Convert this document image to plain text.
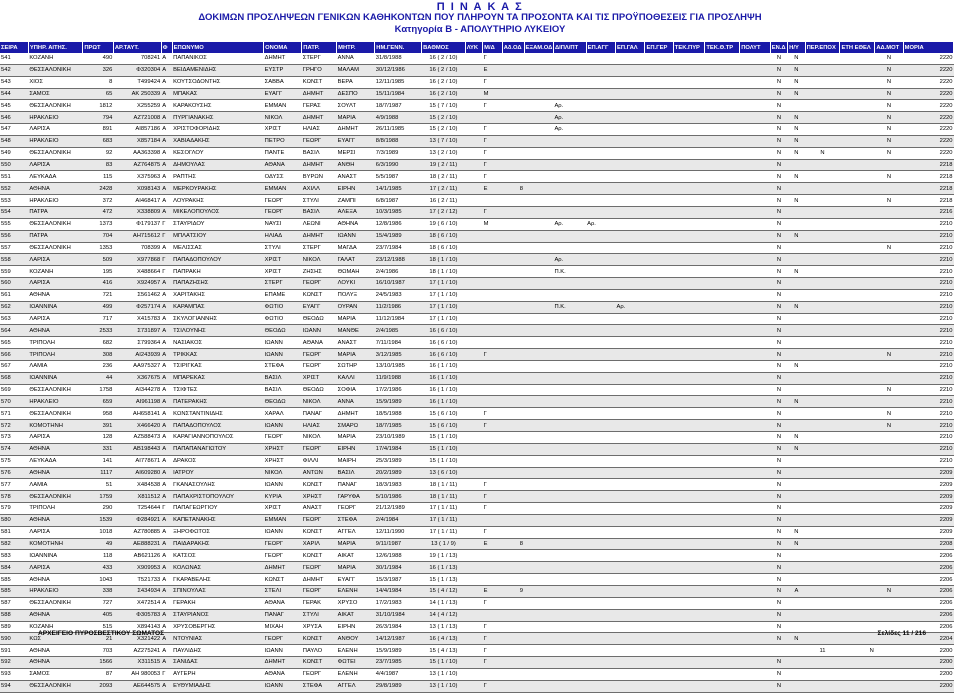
Π Ι Ν Α Κ Α Σ
ΔΟΚΙΜΩΝ ΠΡΟΣΛΗΨΕΩΝ ΓΕΝΙΚΩΝ ΚΑΘΗΚΟΝΤΩΝ ΠΟΥ ΠΛΗΡΟΥΝ ΤΑ ΠΡΟΣΟΝΤΑ ΚΑΙ ΤΙΣ ΠΡΟΫΠΟΘΕΣΕΙΣ ΓΙΑ ΠΡΟΣΛΗΨΗ
Κατηγορία Β - ΑΠΟΛΥΤΗΡΙΟ ΛΥΚΕΙΟΥ
ΣΕΙΡΑ	ΥΠΗΡ. ΑΙΤΗΣ.	ΠΡΩΤ	ΑΡ.ΤΑΥΤ.	Φ	ΕΠΩΝΥΜΟ	ΟΝΟΜΑ	ΠΑΤΡ.	ΜΗΤΡ.	ΗΜ.ΓΕΝΝ.	ΒΑΘΜΟΣ	ΛΥΚ	Μ/Δ	Αδ.ΟΔ	ΕΞΑΜ.ΟΔ	ΔΙΠΛ/ΠΤ	ΕΠ.ΑΓΓ	ΕΠ.ΓΑΛ	ΕΠ.ΓΕΡ	ΤΕΚ.ΠΥΡ	ΤΕΚ.Θ.ΤΡ	ΠΟΛΥΤ	ΕΝ.Δ	Η/Υ	ΠΕΡ.ΕΠΟΧ	ΕΤΗ ΕΘΕΛ	ΑΔ.ΜΟΤ	ΜΟΡΙΑ
541	ΚΟΖΑΝΗ	490	708241	Α	ΠΑΠΑΝΙΚΟΣ	ΔΗΜΗΤ	ΣΤΕΡΓ	ΑΝΝΑ	31/8/1988	16 ( 2 / 10)		Γ										Ν	Ν			Ν	2220
542	ΘΕΣΣΑΛΟΝΙΚΗ	326	Φ320304	Α	ΒΕΙΔΑΜΕΝΙΔΗΣ	ΕΥΣΤΡ	ΓΡΗΓΟ	ΜΑΛΑΜ	30/12/1986	16 ( 2 / 10)		Ε										Ν	Ν			Ν	2220
543	ΧΙΟΣ	8	Τ499424	Α	ΚΟΥΤΣΟΔΟΝΤΗΣ	ΣΑΒΒΑ	ΚΩΝΣΤ	ΒΕΡΑ	12/11/1985	16 ( 2 / 10)		Γ										Ν	Ν			Ν	2220
544	ΣΑΜΟΣ	65	ΑΚ 250339	Α	ΜΠΑΚΑΣ	ΕΥΑΓΓ	ΔΗΜΗΤ	ΔΕΣΠΟ	15/11/1984	16 ( 2 / 10)		Μ										Ν	Ν			Ν	2220
545	ΘΕΣΣΑΛΟΝΙΚΗ	1812	Χ255259	Α	ΚΑΡΑΚΟΥΣΗΣ	ΕΜΜΑΝ	ΓΕΡΑΣ	ΣΟΥΛΤ	18/7/1987	15 ( 7 / 10)		Γ			Αρ.							Ν				Ν	2220
546	ΗΡΑΚΛΕΙΟ	794	ΑΖ721008	Α	ΠΥΡΓΙΑΝΑΚΗΣ	ΝΙΚΟΛ	ΔΗΜΗΤ	ΜΑΡΙΑ	4/9/1988	15 ( 2 / 10)					Αρ.							Ν	Ν			Ν	2220
547	ΛΑΡΙΣΑ	891	ΑΙ857186	Α	ΧΡΙΣΤΟΦΟΡΙΔΗΣ	ΧΡΙΣΤ	ΗΛΙΑΣ	ΔΗΜΗΤ	26/11/1985	15 ( 2 / 10)		Γ			Αρ.							Ν	Ν			Ν	2220
548	ΗΡΑΚΛΕΙΟ	683	Χ857184	Α	ΧΑΒΙΑΔΑΚΗΣ	ΠΕΤΡΟ	ΓΕΩΡΓ	ΕΥΑΓΓ	8/8/1988	13 ( 7 / 10)		Γ										Ν	Ν			Ν	2220
549	ΘΕΣΣΑΛΟΝΙΚΗ	92	ΑΑ363398	Α	ΚΕΣΟΓΛΟΥ	ΠΑΝΤΕ	ΒΑΣΙΛ	ΜΕΡΣΙ	7/3/1989	13 ( 2 / 10)		Γ										Ν	Ν	Ν		Ν	2220
550	ΛΑΡΙΣΑ	83	ΑΖ764875	Α	ΔΗΜΟΥΛΑΣ	ΑΘΑΝΑ	ΔΗΜΗΤ	ΑΝΘΗ	6/3/1990	19 ( 2 / 11)		Γ										Ν					2218
551	ΛΕΥΚΑΔΑ	115	Χ375963	Α	ΡΑΠΤΗΣ	ΟΔΥΣΣ	ΒΥΡΩΝ	ΑΝΑΣΤ	5/5/1987	18 ( 2 / 11)		Γ										Ν	Ν			Ν	2218
552	ΑΘΗΝΑ	2428	Χ098143	Α	ΜΕΡΚΟΥΡΑΚΗΣ	ΕΜΜΑΝ	ΑΧΙΛΛ	ΕΙΡΗΝ	14/1/1985	17 ( 2 / 11)		Ε	8									Ν					2218
553	ΗΡΑΚΛΕΙΟ	372	ΑΙ468417	Α	ΛΟΥΡΑΚΗΣ	ΓΕΩΡΓ	ΣΤΥΛΙ	ΖΑΜΠΙ	6/8/1987	16 ( 2 / 11)												Ν	Ν			Ν	2218
554	ΠΑΤΡΑ	472	Χ338809	Α	ΜΙΚΕΛΟΠΟΥΛΟΣ	ΓΕΩΡΓ	ΒΑΣΙΛ	ΑΛΕΞΑ	10/3/1985	17 ( 2 / 12)		Γ										Ν					2216
555	ΘΕΣΣΑΛΟΝΙΚΗ	1373	Φ179137	Γ	ΣΤΑΥΡΙΔΟΥ	ΝΑΥΣΙ	ΛΕΩΝΙ	ΑΘΗΝΑ	12/8/1986	19 ( 6 / 10)		Μ			Αρ.	Αρ.						Ν					2210
556	ΠΑΤΡΑ	704	ΑΗ715612	Γ	ΜΠΛΑΤΣΙΟΥ	ΗΛΙΑΔ	ΔΗΜΗΤ	ΙΩΑΝΝ	15/4/1989	18 ( 6 / 10)												Ν	Ν				2210
557	ΘΕΣΣΑΛΟΝΙΚΗ	1353	708399	Α	ΜΕΛΙΣΣΑΣ	ΣΤΥΛΙ	ΣΤΕΡΓ	ΜΑΓΔΑ	23/7/1984	18 ( 6 / 10)												Ν				Ν	2210
558	ΛΑΡΙΣΑ	509	Χ977868	Γ	ΠΑΠΑΔΟΠΟΥΛΟΥ	ΧΡΙΣΤ	ΝΙΚΟΛ	ΓΑΛΑΤ	23/12/1988	18 ( 1 / 10)					Αρ.							Ν					2210
559	ΚΟΖΑΝΗ	195	Χ488664	Γ	ΠΑΠΡΑΚΗ	ΧΡΙΣΤ	ΖΗΣΗΣ	ΘΩΜΑΗ	2/4/1986	18 ( 1 / 10)					Π.Κ.							Ν	Ν				2210
560	ΛΑΡΙΣΑ	416	Χ924957	Α	ΠΑΠΑΖΗΣΗΣ	ΣΤΕΡΓ	ΓΕΩΡΓ	ΛΟΥΚΙ	16/10/1987	17 ( 1 / 10)												Ν					2210
561	ΑΘΗΝΑ	721	Σ561462	Α	ΧΑΡΙΤΑΚΗΣ	ΕΠΑΜΕ	ΚΩΝΣΤ	ΠΟΛΥΞ	24/5/1983	17 ( 1 / 10)												Ν					2210
562	ΙΩΑΝΝΙΝΑ	499	Φ257174	Α	ΚΑΡΑΜΠΑΣ	ΦΩΤΙΟ	ΕΥΑΓΓ	ΟΥΡΑΝ	11/2/1986	17 ( 1 / 10)					Π.Κ.		Αρ.					Ν	Ν				2210
563	ΛΑΡΙΣΑ	717	Χ415783	Α	ΣΚΥΛΟΓΙΑΝΝΗΣ	ΦΩΤΙΟ	ΘΕΟΔΩ	ΜΑΡΙΑ	11/12/1984	17 ( 1 / 10)												Ν					2210
564	ΑΘΗΝΑ	2533	Σ731897	Α	ΤΣΙΛΟΥΝΗΣ	ΘΕΟΔΩ	ΙΩΑΝΝ	ΜΑΝΘΕ	2/4/1985	16 ( 6 / 10)												Ν					2210
565	ΤΡΙΠΟΛΗ	682	Σ799364	Α	ΝΑΣΙΑΚΟΣ	ΙΩΑΝΝ	ΑΘΑΝΑ	ΑΝΑΣΤ	7/11/1984	16 ( 6 / 10)												Ν					2210
566	ΤΡΙΠΟΛΗ	308	ΑΙ243939	Α	ΤΡΙΚΚΑΣ	ΙΩΑΝΝ	ΓΕΩΡΓ	ΜΑΡΙΑ	3/12/1985	16 ( 6 / 10)		Γ										Ν				Ν	2210
567	ΛΑΜΙΑ	236	ΑΑ975327	Α	ΤΣΙΡΙΓΚΑΣ	ΣΤΕΦΑ	ΓΕΩΡΓ	ΣΩΤΗΡ	13/10/1985	16 ( 1 / 10)												Ν	Ν				2210
568	ΙΩΑΝΝΙΝΑ	44	Χ367675	Α	ΜΠΑΡΕΚΑΣ	ΒΑΣΙΛ	ΧΡΙΣΤ	ΚΑΛΛΙ	11/9/1988	16 ( 1 / 10)												Ν					2210
569	ΘΕΣΣΑΛΟΝΙΚΗ	1758	ΑΙ344278	Α	ΤΣΙΦΤΕΣ	ΒΑΣΙΛ	ΘΕΟΔΩ	ΣΟΦΙΑ	17/2/1986	16 ( 1 / 10)												Ν				Ν	2210
570	ΗΡΑΚΛΕΙΟ	659	ΑΙ961198	Α	ΠΑΤΕΡΑΚΗΣ	ΘΕΟΔΩ	ΝΙΚΟΛ	ΑΝΝΑ	15/9/1989	16 ( 1 / 10)												Ν	Ν				2210
571	ΘΕΣΣΑΛΟΝΙΚΗ	958	ΑΗ658141	Α	ΚΩΝΣΤΑΝΤΙΝΙΔΗΣ	ΧΑΡΑΛ	ΠΑΝΑΓ	ΔΗΜΗΤ	18/5/1988	15 ( 6 / 10)		Γ										Ν				Ν	2210
572	ΚΟΜΟΤΗΝΗ	391	Χ466420	Α	ΠΑΠΑΔΟΠΟΥΛΟΣ	ΙΩΑΝΝ	ΗΛΙΑΣ	ΣΜΑΡΩ	18/7/1985	15 ( 6 / 10)		Γ										Ν				Ν	2210
573	ΛΑΡΙΣΑ	128	ΑΖ588473	Α	ΚΑΡΑΓΙΑΝΝΟΠΟΥΛΟΣ	ΓΕΩΡΓ	ΝΙΚΟΛ	ΜΑΡΙΑ	23/10/1989	15 ( 1 / 10)												Ν	Ν				2210
574	ΑΘΗΝΑ	331	ΑΒ198443	Α	ΠΑΠΑΠΑΝΑΓΙΩΤΟΥ	ΧΡΗΣΤ	ΓΕΩΡΓ	ΕΙΡΗΝ	17/4/1984	15 ( 1 / 10)												Ν	Ν				2210
575	ΛΕΥΚΑΔΑ	141	ΑΙ778671	Α	ΔΡΑΚΟΣ	ΧΡΗΣΤ	ΦΙΛΛΙ	ΜΑΙΡΗ	25/3/1989	15 ( 1 / 10)												Ν					2210
576	ΑΘΗΝΑ	1117	ΑΙ609280	Α	ΙΑΤΡΟΥ	ΝΙΚΟΛ	ΑΝΤΩΝ	ΒΑΣΙΛ	20/2/1989	13 ( 6 / 10)												Ν					2209
577	ΛΑΜΙΑ	51	Χ484538	Α	ΓΚΑΝΑΣΟΥΛΗΣ	ΙΩΑΝΝ	ΚΩΝΣΤ	ΠΑΝΑΓ	18/3/1983	18 ( 1 / 11)		Γ										Ν					2209
578	ΘΕΣΣΑΛΟΝΙΚΗ	1759	Χ811512	Α	ΠΑΠΑΧΡΙΣΤΟΠΟΥΛΟΥ	ΚΥΡΙΑ	ΧΡΗΣΤ	ΓΑΡΥΦΑ	5/10/1986	18 ( 1 / 11)		Γ										Ν					2209
579	ΤΡΙΠΟΛΗ	290	Τ254644	Γ	ΠΑΠΑΓΕΩΡΓΙΟΥ	ΧΡΙΣΤ	ΑΝΑΣΤ	ΓΕΩΡΓ	21/12/1989	17 ( 1 / 11)		Γ										Ν					2209
580	ΑΘΗΝΑ	1539	Φ284921	Α	ΚΑΠΕΤΑΝΑΚΗΣ	ΕΜΜΑΝ	ΓΕΩΡΓ	ΣΤΕΦΑ	2/4/1984	17 ( 1 / 11)												Ν					2209
581	ΛΑΡΙΣΑ	1018	ΑΖ780885	Α	ΞΗΡΟΦΩΤΟΣ	ΙΩΑΝΝ	ΚΩΝΣΤ	ΑΓΓΕΛ	12/11/1990	17 ( 1 / 11)		Γ										Ν	Ν				2209
582	ΚΟΜΟΤΗΝΗ	49	ΑΕ888231	Α	ΠΑΙΔΑΡΑΚΗΣ	ΓΕΩΡΓ	ΧΑΡΙΛ	ΜΑΡΙΑ	9/11/1987	13 ( 1 / 9)		Ε	8									Ν	Ν				2208
583	ΙΩΑΝΝΙΝΑ	118	ΑΒ621126	Α	ΚΑΤΣΟΣ	ΓΕΩΡΓ	ΚΩΝΣΤ	ΑΙΚΑΤ	12/6/1988	19 ( 1 / 13)												Ν					2206
584	ΛΑΡΙΣΑ	433	Χ909953	Α	ΚΟΛΩΝΑΣ	ΔΗΜΗΤ	ΓΕΩΡΓ	ΜΑΡΙΑ	30/1/1984	16 ( 1 / 13)												Ν					2206
585	ΑΘΗΝΑ	1043	Τ521733	Α	ΓΚΑΡΑΒΕΛΗΣ	ΚΩΝΣΤ	ΔΗΜΗΤ	ΕΥΑΓΓ	15/3/1987	15 ( 1 / 13)												Ν					2206
585	ΗΡΑΚΛΕΙΟ	338	Σ434934	Α	ΣΠΙΝΟΥΛΑΣ	ΣΤΕΛΙ	ΓΕΩΡΓ	ΕΛΕΝΗ	14/4/1984	15 ( 4 / 12)		Ε	9									Ν	Α			Ν	2206
587	ΘΕΣΣΑΛΟΝΙΚΗ	727	Χ472514	Α	ΓΕΡΑΚΗ	ΑΘΑΝΑ	ΓΕΡΑΚ	ΧΡΥΣΟ	17/2/1983	14 ( 1 / 13)		Γ										Ν					2206
588	ΑΘΗΝΑ	405	Φ305783	Α	ΣΤΑΥΡΙΑΝΟΣ	ΠΑΝΑΓ	ΣΤΥΛΙ	ΑΙΚΑΤ	31/10/1984	14 ( 4 / 12)												Ν					2206
589	ΚΟΖΑΝΗ	515	Χ894143	Α	ΧΡΥΣΟΒΕΡΓΗΣ	ΜΙΧΑΗ	ΧΡΥΣΑ	ΕΙΡΗΝ	26/3/1984	13 ( 1 / 13)		Γ										Ν					2206
590	ΚΩΣ	21	Χ321422	Α	ΝΤΟΥΝΙΑΣ	ΓΕΩΡΓ	ΚΩΝΣΤ	ΑΝΘΟΥ	14/12/1987	16 ( 4 / 13)		Γ										Ν	Ν				2204
591	ΑΘΗΝΑ	703	ΑΖ275241	Α	ΠΑΥΛΙΔΗΣ	ΙΩΑΝΝ	ΠΑΥΛΟ	ΕΛΕΝΗ	15/9/1989	15 ( 4 / 13)		Γ												11	Ν		2200
592	ΑΘΗΝΑ	1566	Χ311515	Α	ΣΑΝΙΔΑΣ	ΔΗΜΗΤ	ΚΩΝΣΤ	ΦΩΤΕΙ	23/7/1985	15 ( 1 / 10)		Γ										Ν					2200
593	ΣΑΜΟΣ	87	ΑΗ 980053	Γ	ΑΥΓΕΡΗ	ΑΘΑΝΑ	ΓΕΩΡΓ	ΕΛΕΝΗ	4/4/1987	13 ( 1 / 10)												Ν					2200
594	ΘΕΣΣΑΛΟΝΙΚΗ	2093	ΑΕ644575	Α	ΕΥΘΥΜΙΑΔΗΣ	ΙΩΑΝΝ	ΣΤΕΦΑ	ΑΓΓΕΛ	29/8/1989	13 ( 1 / 10)		Γ										Ν					2200
ΑΡΧΕΙΓΕΙΟ ΠΥΡΟΣΒΕΣΤΙΚΟΥ ΣΩΜΑΤΟΣ	Σελίδες 11 / 216
